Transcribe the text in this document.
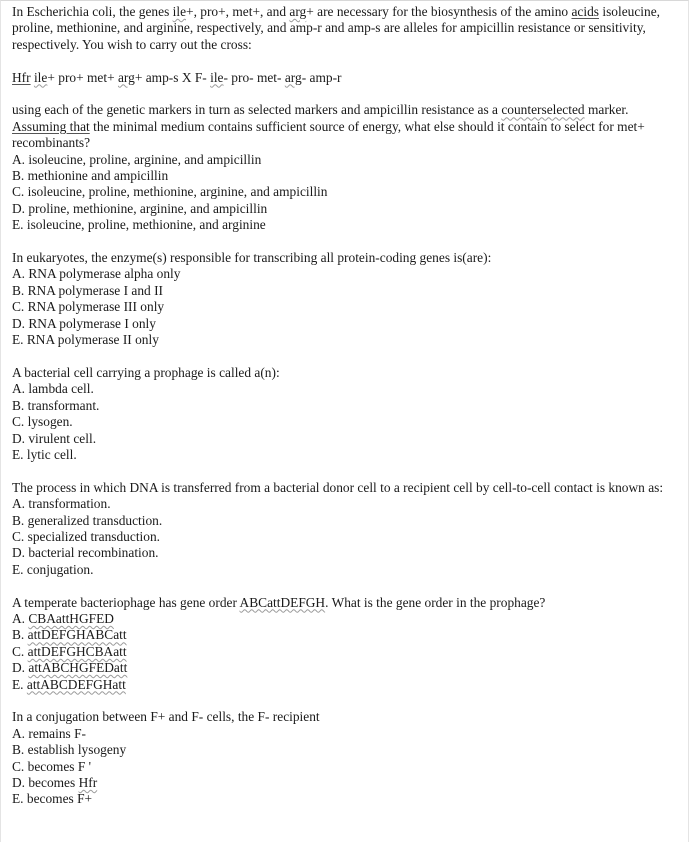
In Escherichia coli, the genes ile+, pro+, met+, and arg+ are necessary for the biosynthesis of the amino acids isoleucine, proline, methionine, and arginine, respectively, and amp-r and amp-s are alleles for ampicillin resistance or sensitivity, respectively. You wish to carry out the cross:

Hfr ile+ pro+ met+ arg+ amp-s X F- ile- pro- met- arg- amp-r

using each of the genetic markers in turn as selected markers and ampicillin resistance as a counterselected marker. Assuming that the minimal medium contains sufficient source of energy, what else should it contain to select for met+ recombinants?

A. isoleucine, proline, arginine, and ampicillin

B. methionine and ampicillin

C. isoleucine, proline, methionine, arginine, and ampicillin

D. proline, methionine, arginine, and ampicillin

E. isoleucine, proline, methionine, and arginine

In eukaryotes, the enzyme(s) responsible for transcribing all protein-coding genes is(are):

A. RNA polymerase alpha only

B. RNA polymerase I and II

C. RNA polymerase III only

D. RNA polymerase I only

E. RNA polymerase II only

A bacterial cell carrying a prophage is called a(n):

A. lambda cell.

B. transformant.

C. lysogen.

D. virulent cell.

E. lytic cell.

The process in which DNA is transferred from a bacterial donor cell to a recipient cell by cell-to-cell contact is known as:

A. transformation.

B. generalized transduction.

C. specialized transduction.

D. bacterial recombination.

E. conjugation.

A temperate bacteriophage has gene order ABCattDEFGH. What is the gene order in the prophage?

A. CBAattHGFED

B. attDEFGHABCatt

C. attDEFGHCBAatt

D. attABCHGFEDatt

E. attABCDEFGHatt

In a conjugation between F+ and F- cells, the F- recipient

A. remains F-

B. establish lysogeny

C. becomes F '

D. becomes Hfr

E. becomes F+
